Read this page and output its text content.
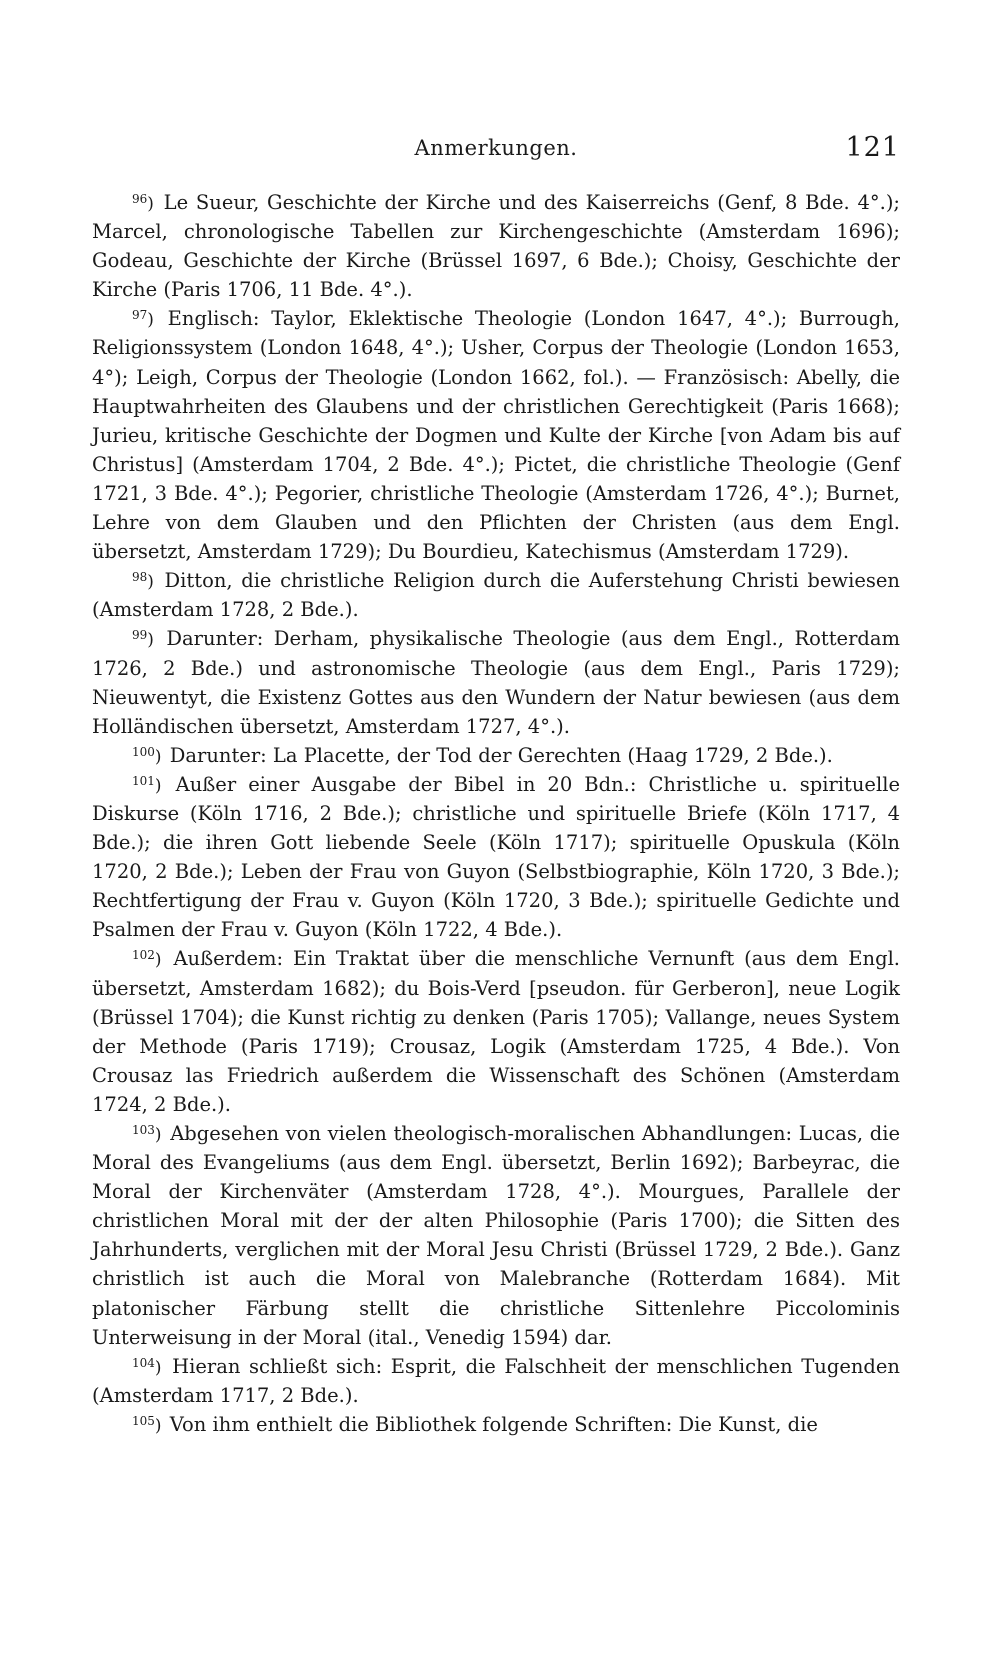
Anmerkungen.	121

$^{96}$ ) Le Sueur, Geschichte der Kirche und des Kaiserreichs (Genf, 8 Bde. 4°.); Marcel, chronologische Tabellen zur Kirchengeschichte (Amsterdam 1696); Godeau, Geschichte der Kirche (Brüssel 1697, 6 Bde.); Choisy, Geschichte der Kirche (Paris 1706, 11 Bde. 4°.).

$^{97}$ ) Englisch: Taylor, Eklektische Theologie (London 1647, 4°.); Burrough, Religionssystem (London 1648, 4°.); Usher, Corpus der Theologie (London 1653, 4°); Leigh, Corpus der Theologie (London 1662, fol.). — Französisch: Abelly, die Hauptwahrheiten des Glaubens und der christlichen Gerechtigkeit (Paris 1668); Jurieu, kritische Geschichte der Dogmen und Kulte der Kirche [von Adam bis auf Christus] (Amsterdam 1704, 2 Bde. 4°.); Pictet, die christliche Theologie (Genf 1721, 3 Bde. 4°.); Pegorier, christliche Theologie (Amsterdam 1726, 4°.); Burnet, Lehre von dem Glauben und den Pflichten der Christen (aus dem Engl. übersetzt, Amsterdam 1729); Du Bourdieu, Katechismus (Amsterdam 1729).

$^{98}$ ) Ditton, die christliche Religion durch die Auferstehung Christi bewiesen (Amsterdam 1728, 2 Bde.).

$^{99}$ ) Darunter: Derham, physikalische Theologie (aus dem Engl., Rotterdam 1726, 2 Bde.) und astronomische Theologie (aus dem Engl., Paris 1729); Nieuwentyt, die Existenz Gottes aus den Wundern der Natur bewiesen (aus dem Holländischen übersetzt, Amsterdam 1727, 4°.).

$^{100}$ ) Darunter: La Placette, der Tod der Gerechten (Haag 1729, 2 Bde.).

$^{101}$ ) Außer einer Ausgabe der Bibel in 20 Bdn.: Christliche u. spirituelle Diskurse (Köln 1716, 2 Bde.); christliche und spirituelle Briefe (Köln 1717, 4 Bde.); die ihren Gott liebende Seele (Köln 1717); spirituelle Opuskula (Köln 1720, 2 Bde.); Leben der Frau von Guyon (Selbstbiographie, Köln 1720, 3 Bde.); Rechtfertigung der Frau v. Guyon (Köln 1720, 3 Bde.); spirituelle Gedichte und Psalmen der Frau v. Guyon (Köln 1722, 4 Bde.).

$^{102}$ ) Außerdem: Ein Traktat über die menschliche Vernunft (aus dem Engl. übersetzt, Amsterdam 1682); du Bois-Verd [pseudon. für Gerberon], neue Logik (Brüssel 1704); die Kunst richtig zu denken (Paris 1705); Vallange, neues System der Methode (Paris 1719); Crousaz, Logik (Amsterdam 1725, 4 Bde.). Von Crousaz las Friedrich außerdem die Wissenschaft des Schönen (Amsterdam 1724, 2 Bde.).

$^{103}$ ) Abgesehen von vielen theologisch-moralischen Abhandlungen: Lucas, die Moral des Evangeliums (aus dem Engl. übersetzt, Berlin 1692); Barbeyrac, die Moral der Kirchenväter (Amsterdam 1728, 4°.). Mourgues, Parallele der christlichen Moral mit der der alten Philosophie (Paris 1700); die Sitten des Jahrhunderts, verglichen mit der Moral Jesu Christi (Brüssel 1729, 2 Bde.). Ganz christlich ist auch die Moral von Malebranche (Rotterdam 1684). Mit platonischer Färbung stellt die christliche Sittenlehre Piccolominis Unterweisung in der Moral (ital., Venedig 1594) dar.

$^{104}$ ) Hieran schließt sich: Esprit, die Falschheit der menschlichen Tugenden (Amsterdam 1717, 2 Bde.).

$^{105}$ ) Von ihm enthielt die Bibliothek folgende Schriften: Die Kunst, die
